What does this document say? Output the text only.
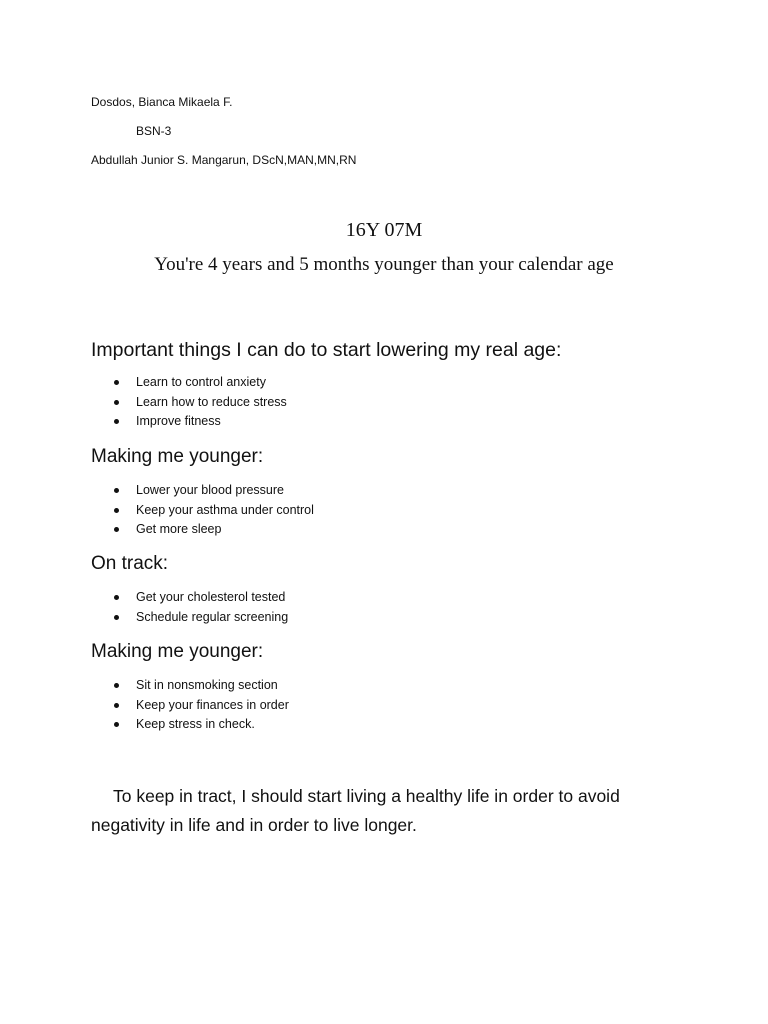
Dosdos, Bianca Mikaela F.
BSN-3
Abdullah Junior S. Mangarun, DScN,MAN,MN,RN
16Y 07M
You're 4 years and 5 months younger than your calendar age
Important things I can do to start lowering my real age:
Learn to control anxiety
Learn how to reduce stress
Improve fitness
Making me younger:
Lower your blood pressure
Keep your asthma under control
Get more sleep
On track:
Get your cholesterol tested
Schedule regular screening
Making me younger:
Sit in nonsmoking section
Keep your finances in order
Keep stress in check.
To keep in tract, I should start living a healthy life in order to avoid
negativity in life and in order to live longer.
